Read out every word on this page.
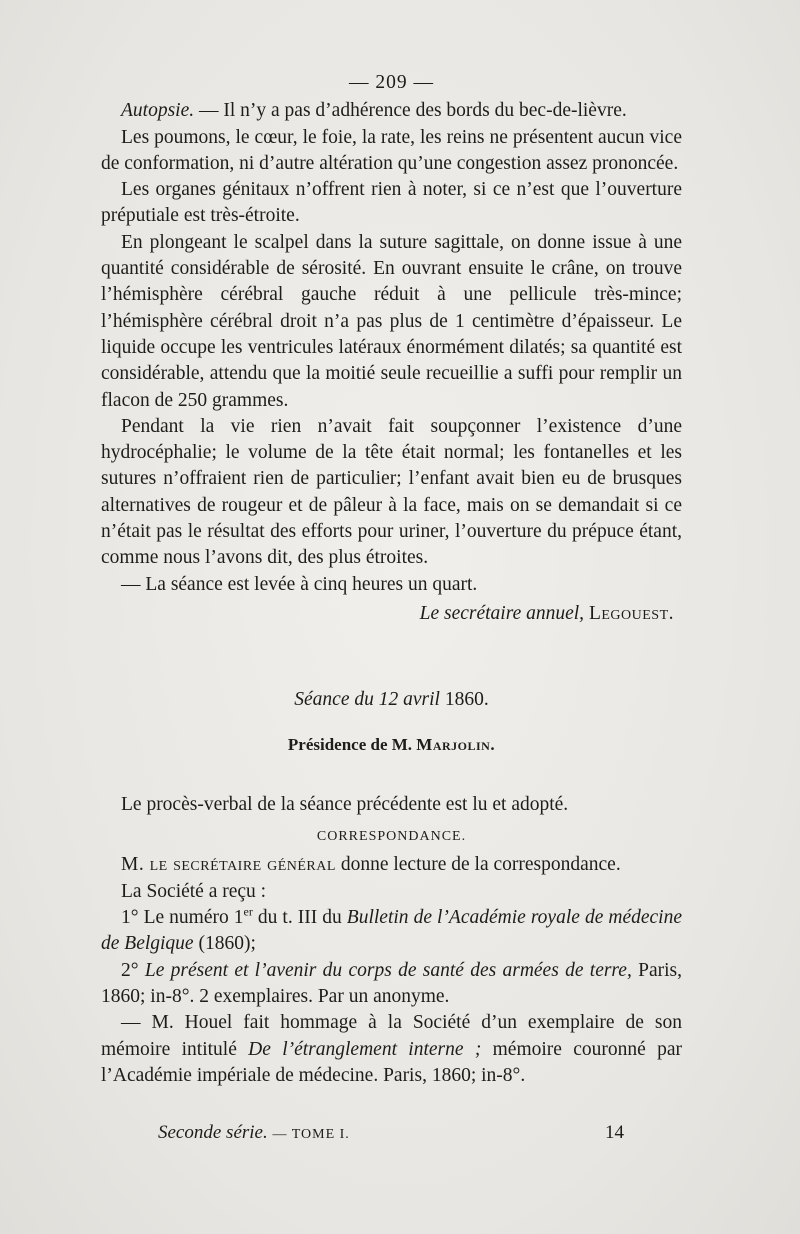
— 209 —

Autopsie. — Il n’y a pas d’adhérence des bords du bec-de-lièvre.

Les poumons, le cœur, le foie, la rate, les reins ne présentent aucun vice de conformation, ni d’autre altération qu’une congestion assez prononcée.

Les organes génitaux n’offrent rien à noter, si ce n’est que l’ouverture préputiale est très-étroite.

En plongeant le scalpel dans la suture sagittale, on donne issue à une quantité considérable de sérosité. En ouvrant ensuite le crâne, on trouve l’hémisphère cérébral gauche réduit à une pellicule très-mince; l’hémisphère cérébral droit n’a pas plus de 1 centimètre d’épaisseur. Le liquide occupe les ventricules latéraux énormément dilatés; sa quantité est considérable, attendu que la moitié seule recueillie a suffi pour remplir un flacon de 250 grammes.

Pendant la vie rien n’avait fait soupçonner l’existence d’une hydrocéphalie; le volume de la tête était normal; les fontanelles et les sutures n’offraient rien de particulier; l’enfant avait bien eu de brusques alternatives de rougeur et de pâleur à la face, mais on se demandait si ce n’était pas le résultat des efforts pour uriner, l’ouverture du prépuce étant, comme nous l’avons dit, des plus étroites.

— La séance est levée à cinq heures un quart.

Le secrétaire annuel, Legouest.
Séance du 12 avril 1860.
Présidence de M. Marjolin.

Le procès-verbal de la séance précédente est lu et adopté.

CORRESPONDANCE.

M. le secrétaire général donne lecture de la correspondance.

La Société a reçu :

1° Le numéro 1er du t. III du Bulletin de l’Académie royale de médecine de Belgique (1860);

2° Le présent et l’avenir du corps de santé des armées de terre, Paris, 1860; in-8°. 2 exemplaires. Par un anonyme.

— M. Houel fait hommage à la Société d’un exemplaire de son mémoire intitulé De l’étranglement interne ; mémoire couronné par l’Académie impériale de médecine. Paris, 1860; in-8°.

Seconde série. — TOME I.	14
